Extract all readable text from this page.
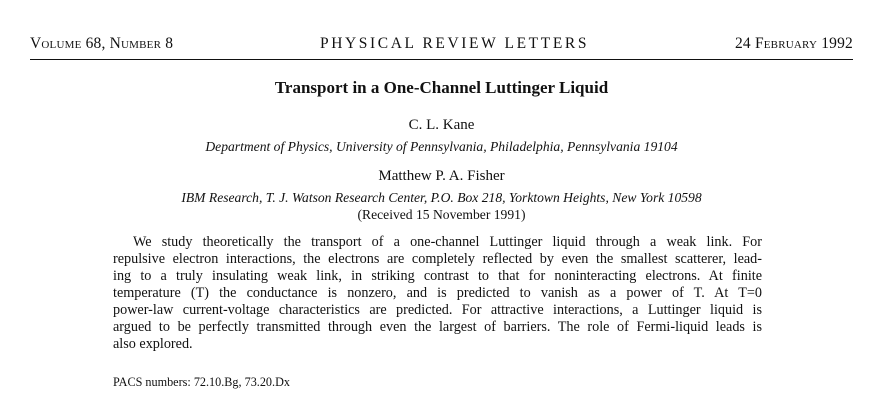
Volume 68, Number 8	PHYSICAL REVIEW LETTERS	24 February 1992
Transport in a One-Channel Luttinger Liquid
C. L. Kane
Department of Physics, University of Pennsylvania, Philadelphia, Pennsylvania 19104
Matthew P. A. Fisher
IBM Research, T. J. Watson Research Center, P.O. Box 218, Yorktown Heights, New York 10598
(Received 15 November 1991)
We study theoretically the transport of a one-channel Luttinger liquid through a weak link. For
repulsive electron interactions, the electrons are completely reflected by even the smallest scatterer, lead-
ing to a truly insulating weak link, in striking contrast to that for noninteracting electrons. At finite
temperature (T) the conductance is nonzero, and is predicted to vanish as a power of T. At T=0
power-law current-voltage characteristics are predicted. For attractive interactions, a Luttinger liquid is
argued to be perfectly transmitted through even the largest of barriers. The role of Fermi-liquid leads is
also explored.
PACS numbers: 72.10.Bg, 73.20.Dx
